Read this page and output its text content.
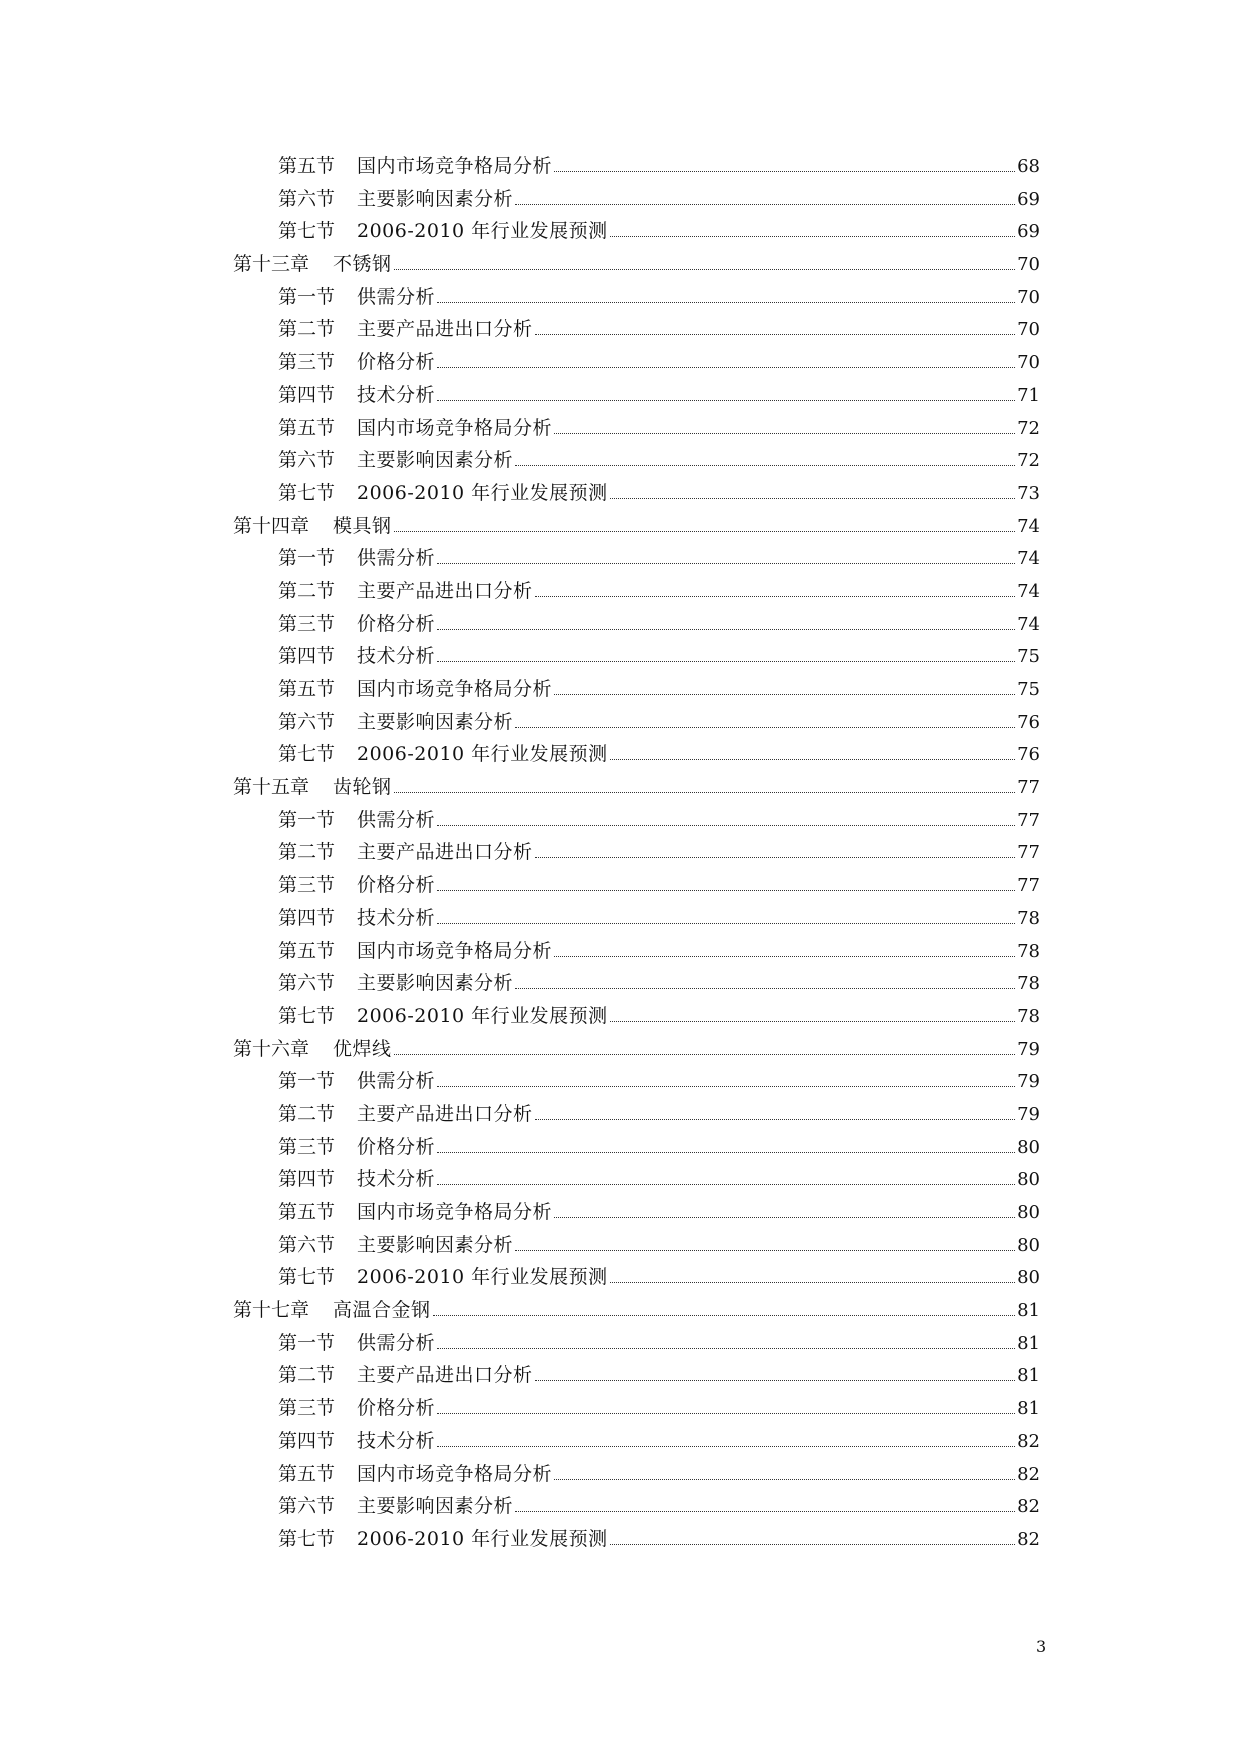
第五节 国内市场竞争格局分析	68
第六节 主要影响因素分析	69
第七节 2006-2010 年行业发展预测	69
第十三章 不锈钢	70
第一节 供需分析	70
第二节 主要产品进出口分析	70
第三节 价格分析	70
第四节 技术分析	71
第五节 国内市场竞争格局分析	72
第六节 主要影响因素分析	72
第七节 2006-2010 年行业发展预测	73
第十四章 模具钢	74
第一节 供需分析	74
第二节 主要产品进出口分析	74
第三节 价格分析	74
第四节 技术分析	75
第五节 国内市场竞争格局分析	75
第六节 主要影响因素分析	76
第七节 2006-2010 年行业发展预测	76
第十五章 齿轮钢	77
第一节 供需分析	77
第二节 主要产品进出口分析	77
第三节 价格分析	77
第四节 技术分析	78
第五节 国内市场竞争格局分析	78
第六节 主要影响因素分析	78
第七节 2006-2010 年行业发展预测	78
第十六章 优焊线	79
第一节 供需分析	79
第二节 主要产品进出口分析	79
第三节 价格分析	80
第四节 技术分析	80
第五节 国内市场竞争格局分析	80
第六节 主要影响因素分析	80
第七节 2006-2010 年行业发展预测	80
第十七章 高温合金钢	81
第一节 供需分析	81
第二节 主要产品进出口分析	81
第三节 价格分析	81
第四节 技术分析	82
第五节 国内市场竞争格局分析	82
第六节 主要影响因素分析	82
第七节 2006-2010 年行业发展预测	82
3
